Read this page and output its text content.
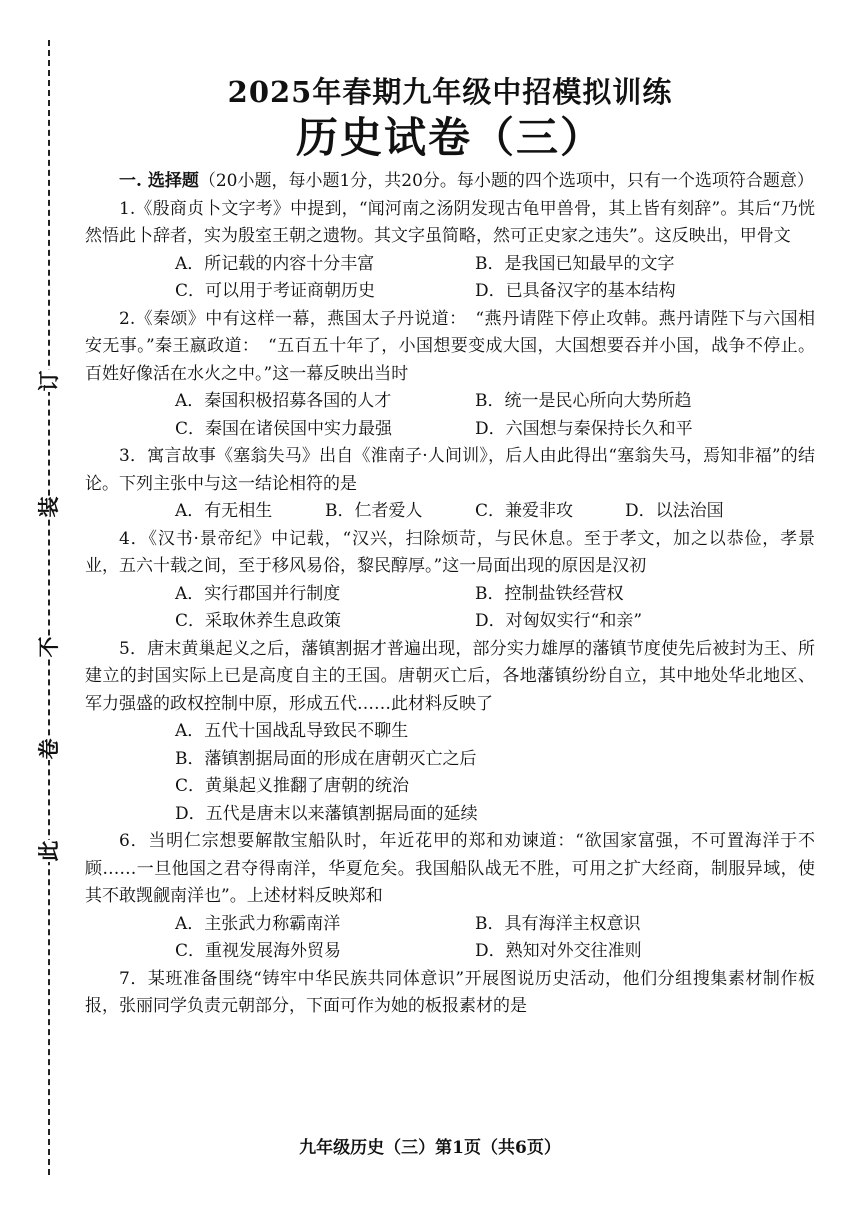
此
卷
不
装
订
2025年春期九年级中招模拟训练
历史试卷（三）
一. 选择题（20小题，每小题1分，共20分。每小题的四个选项中，只有一个选项符合题意）

1.《殷商贞卜文字考》中提到，“闻河南之汤阴发现古龟甲兽骨，其上皆有刻辞”。其后“乃恍然悟此卜辞者，实为殷室王朝之遗物。其文字虽简略，然可正史家之违失”。这反映出，甲骨文

A．所记载的内容十分丰富	B．是我国已知最早的文字
C．可以用于考证商朝历史	D．已具备汉字的基本结构

2.《秦颂》中有这样一幕，燕国太子丹说道：　“燕丹请陛下停止攻韩。燕丹请陛下与六国相安无事。”秦王嬴政道：　“五百五十年了，小国想要变成大国，大国想要吞并小国，战争不停止。百姓好像活在水火之中。”这一幕反映出当时

A．秦国积极招募各国的人才	B．统一是民心所向大势所趋
C．秦国在诸侯国中实力最强	D．六国想与秦保持长久和平

3．寓言故事《塞翁失马》出自《淮南子·人间训》，后人由此得出“塞翁失马，焉知非福”的结论。下列主张中与这一结论相符的是

A．有无相生	B．仁者爱人	C．兼爱非攻	D．以法治国

4．《汉书·景帝纪》中记载，“汉兴，扫除烦苛，与民休息。至于孝文，加之以恭俭，孝景业，五六十载之间，至于移风易俗，黎民醇厚。”这一局面出现的原因是汉初

A．实行郡国并行制度	B．控制盐铁经营权
C．采取休养生息政策	D．对匈奴实行“和亲”

5．唐末黄巢起义之后，藩镇割据才普遍出现，部分实力雄厚的藩镇节度使先后被封为王、所建立的封国实际上已是高度自主的王国。唐朝灭亡后，各地藩镇纷纷自立，其中地处华北地区、军力强盛的政权控制中原，形成五代……此材料反映了

A．五代十国战乱导致民不聊生
B．藩镇割据局面的形成在唐朝灭亡之后
C．黄巢起义推翻了唐朝的统治
D．五代是唐末以来藩镇割据局面的延续

6．当明仁宗想要解散宝船队时，年近花甲的郑和劝谏道：“欲国家富强，不可置海洋于不顾……一旦他国之君夺得南洋，华夏危矣。我国船队战无不胜，可用之扩大经商，制服异域，使其不敢觊觎南洋也”。上述材料反映郑和

A．主张武力称霸南洋	B．具有海洋主权意识
C．重视发展海外贸易	D．熟知对外交往准则

7．某班准备围绕“铸牢中华民族共同体意识”开展图说历史活动，他们分组搜集素材制作板报，张丽同学负责元朝部分，下面可作为她的板报素材的是

九年级历史（三）第1页（共6页）
